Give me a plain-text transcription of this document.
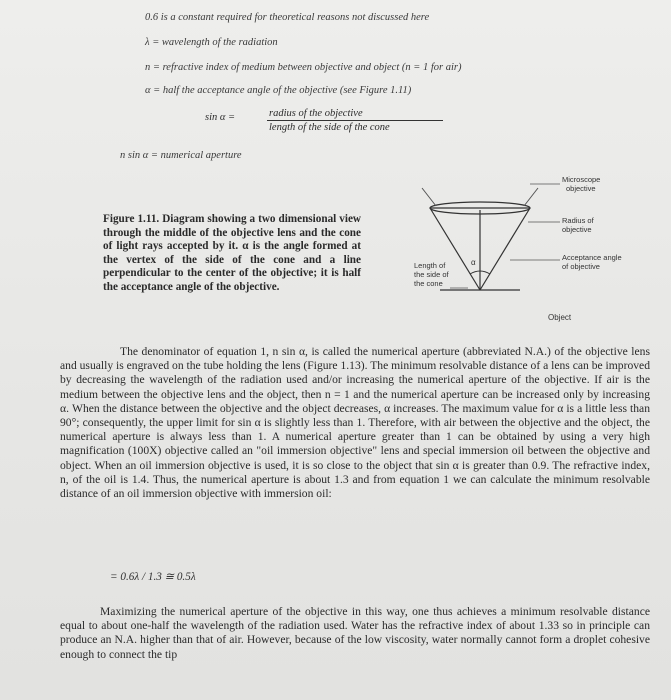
0.6 is a constant required for theoretical reasons not discussed here
λ = wavelength of the radiation
n = refractive index of medium between objective and object (n = 1 for air)
α = half the acceptance angle of the objective (see Figure 1.11)
sin α =	radius of the objective
length of the side of the cone
n sin α = numerical aperture
Figure 1.11. Diagram showing a two dimensional view through the middle of the objective lens and the cone of light rays accepted by it. α is the angle formed at the vertex of the side of the cone and a line perpendicular to the center of the objective; it is half the acceptance angle of the objective.
α
Microscope
objective
Radius of
objective
Acceptance angle
of objective
Length of
the side of
the cone
Object
The denominator of equation 1, n sin α, is called the numerical aperture (abbreviated N.A.) of the objective lens and usually is engraved on the tube holding the lens (Figure 1.13). The minimum resolvable distance of a lens can be improved by decreasing the wavelength of the radiation used and/or increasing the numerical aperture of the objective. If air is the medium between the objective lens and the object, then n = 1 and the numerical aperture can be increased only by increasing α. When the distance between the objective and the object decreases, α increases. The maximum value for α is a little less than 90°; consequently, the upper limit for sin α is slightly less than 1. Therefore, with air between the objective and the object, the numerical aperture is always less than 1. A numerical aperture greater than 1 can be obtained by using a very high magnification (100X) objective called an "oil immersion objective" lens and special immersion oil between the objective and object. When an oil immersion objective is used, it is so close to the object that sin α is greater than 0.9. The refractive index, n, of the oil is 1.4. Thus, the numerical aperture is about 1.3 and from equation 1 we can calculate the minimum resolvable distance of an oil immersion objective with immersion oil:
= 0.6λ / 1.3 ≅ 0.5λ
Maximizing the numerical aperture of the objective in this way, one thus achieves a minimum resolvable distance equal to about one-half the wavelength of the radiation used. Water has the refractive index of about 1.33 so in principle can produce an N.A. higher than that of air. However, because of the low viscosity, water normally cannot form a droplet cohesive enough to connect the tip
